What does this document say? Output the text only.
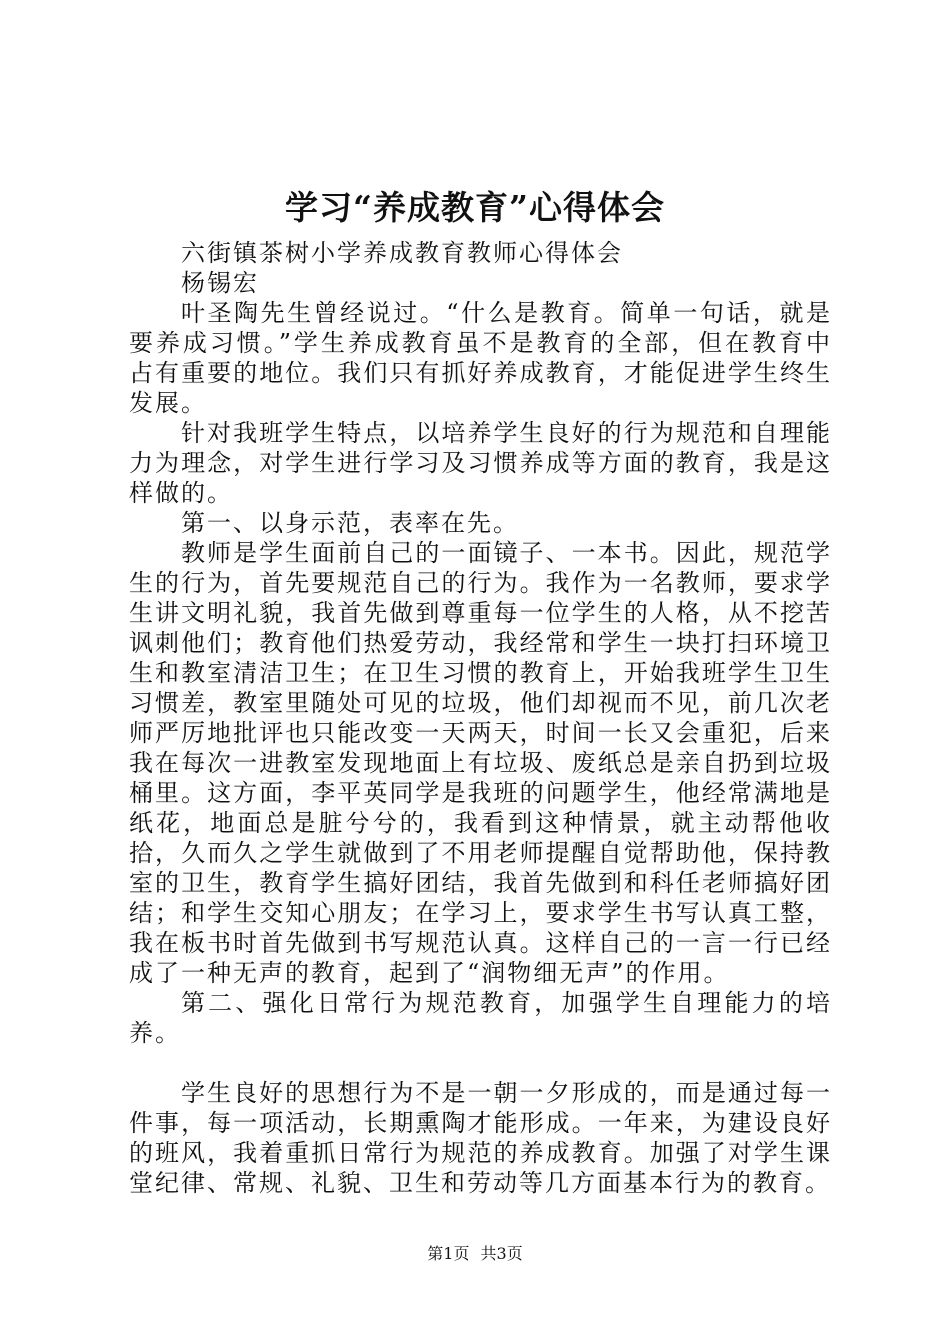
学习“养成教育”心得体会

六街镇茶树小学养成教育教师心得体会

杨锡宏

叶圣陶先生曾经说过。“什么是教育。简单一句话，就是要养成习惯。”学生养成教育虽不是教育的全部，但在教育中占有重要的地位。我们只有抓好养成教育，才能促进学生终生发展。

针对我班学生特点，以培养学生良好的行为规范和自理能力为理念，对学生进行学习及习惯养成等方面的教育，我是这样做的。

第一、以身示范，表率在先。

教师是学生面前自己的一面镜子、一本书。因此，规范学生的行为，首先要规范自己的行为。我作为一名教师，要求学生讲文明礼貌，我首先做到尊重每一位学生的人格，从不挖苦讽刺他们；教育他们热爱劳动，我经常和学生一块打扫环境卫生和教室清洁卫生；在卫生习惯的教育上，开始我班学生卫生习惯差，教室里随处可见的垃圾，他们却视而不见，前几次老师严厉地批评也只能改变一天两天，时间一长又会重犯，后来我在每次一进教室发现地面上有垃圾、废纸总是亲自扔到垃圾桶里。这方面，李平英同学是我班的问题学生，他经常满地是纸花，地面总是脏兮兮的，我看到这种情景，就主动帮他收拾，久而久之学生就做到了不用老师提醒自觉帮助他，保持教室的卫生，教育学生搞好团结，我首先做到和科任老师搞好团结；和学生交知心朋友；在学习上，要求学生书写认真工整，我在板书时首先做到书写规范认真。这样自己的一言一行已经成了一种无声的教育，起到了“润物细无声”的作用。

第二、强化日常行为规范教育，加强学生自理能力的培养。

学生良好的思想行为不是一朝一夕形成的，而是通过每一件事，每一项活动，长期熏陶才能形成。一年来，为建设良好的班风，我着重抓日常行为规范的养成教育。加强了对学生课堂纪律、常规、礼貌、卫生和劳动等几方面基本行为的教育。

第1页 共3页
